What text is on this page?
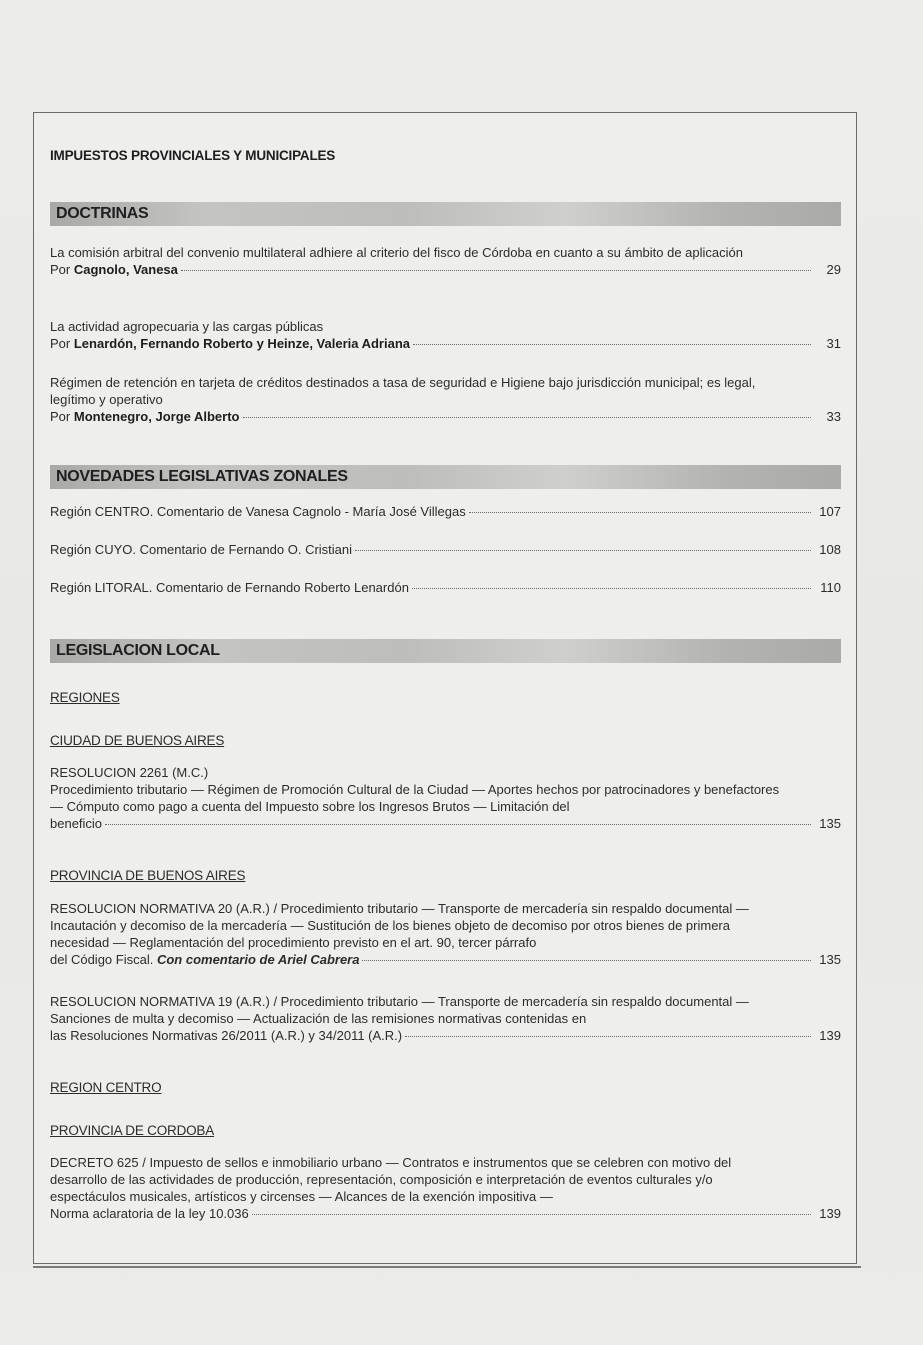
IMPUESTOS PROVINCIALES Y MUNICIPALES
DOCTRINAS
La comisión arbitral del convenio multilateral adhiere al criterio del fisco de Córdoba en cuanto a su ámbito de aplicación
Por Cagnolo, Vanesa	29
La actividad agropecuaria y las cargas públicas
Por Lenardón, Fernando Roberto y Heinze, Valeria Adriana	31
Régimen de retención en tarjeta de créditos destinados a tasa de seguridad e Higiene bajo jurisdicción municipal; es legal, legítimo y operativo
Por Montenegro, Jorge Alberto	33
NOVEDADES LEGISLATIVAS ZONALES
Región CENTRO. Comentario de Vanesa Cagnolo - María José Villegas	107
Región CUYO. Comentario de Fernando O. Cristiani	108
Región LITORAL. Comentario de Fernando Roberto Lenardón	110
LEGISLACION LOCAL
REGIONES
CIUDAD DE BUENOS AIRES
RESOLUCION 2261 (M.C.)
Procedimiento tributario — Régimen de Promoción Cultural de la Ciudad — Aportes hechos por patrocinadores y benefactores — Cómputo como pago a cuenta del Impuesto sobre los Ingresos Brutos — Limitación del
beneficio	135
PROVINCIA DE BUENOS AIRES
RESOLUCION NORMATIVA 20 (A.R.) / Procedimiento tributario — Transporte de mercadería sin respaldo documental — Incautación y decomiso de la mercadería — Sustitución de los bienes objeto de decomiso por otros bienes de primera necesidad — Reglamentación del procedimiento previsto en el art. 90, tercer párrafo
del Código Fiscal. Con comentario de Ariel Cabrera	135
RESOLUCION NORMATIVA 19 (A.R.) / Procedimiento tributario — Transporte de mercadería sin respaldo documental — Sanciones de multa y decomiso — Actualización de las remisiones normativas contenidas en
las Resoluciones Normativas 26/2011 (A.R.) y 34/2011 (A.R.)	139
REGION CENTRO
PROVINCIA DE CORDOBA
DECRETO 625 / Impuesto de sellos e inmobiliario urbano — Contratos e instrumentos que se celebren con motivo del desarrollo de las actividades de producción, representación, composición e interpretación de eventos culturales y/o espectáculos musicales, artísticos y circenses — Alcances de la exención impositiva —
Norma aclaratoria de la ley 10.036	139
